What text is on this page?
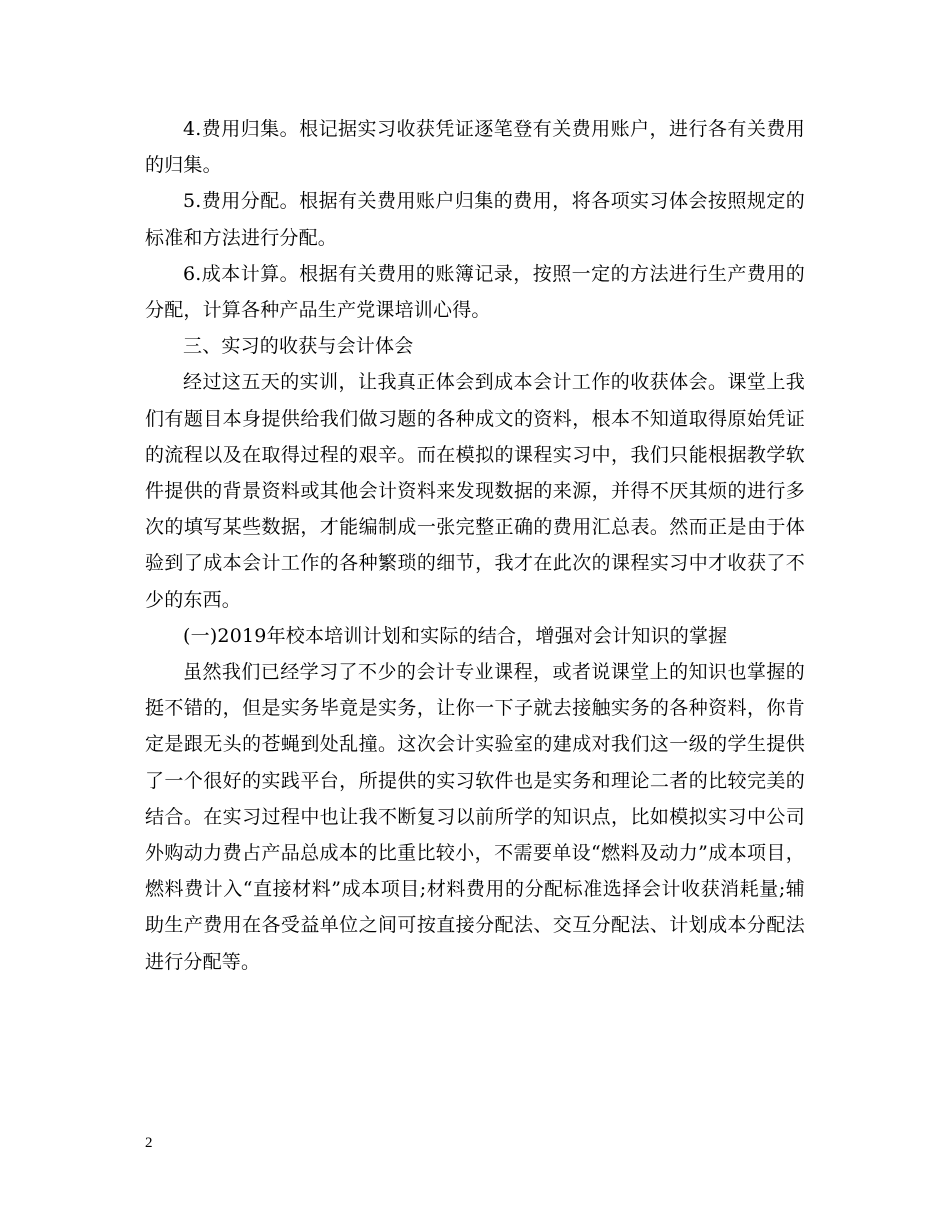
4.费用归集。根记据实习收获凭证逐笔登有关费用账户，进行各有关费用的归集。

5.费用分配。根据有关费用账户归集的费用，将各项实习体会按照规定的标准和方法进行分配。

6.成本计算。根据有关费用的账簿记录，按照一定的方法进行生产费用的分配，计算各种产品生产党课培训心得。

三、实习的收获与会计体会

经过这五天的实训，让我真正体会到成本会计工作的收获体会。课堂上我们有题目本身提供给我们做习题的各种成文的资料，根本不知道取得原始凭证的流程以及在取得过程的艰辛。而在模拟的课程实习中，我们只能根据教学软件提供的背景资料或其他会计资料来发现数据的来源，并得不厌其烦的进行多次的填写某些数据，才能编制成一张完整正确的费用汇总表。然而正是由于体验到了成本会计工作的各种繁琐的细节，我才在此次的课程实习中才收获了不少的东西。

(一)2019年校本培训计划和实际的结合，增强对会计知识的掌握

虽然我们已经学习了不少的会计专业课程，或者说课堂上的知识也掌握的挺不错的，但是实务毕竟是实务，让你一下子就去接触实务的各种资料，你肯定是跟无头的苍蝇到处乱撞。这次会计实验室的建成对我们这一级的学生提供了一个很好的实践平台，所提供的实习软件也是实务和理论二者的比较完美的结合。在实习过程中也让我不断复习以前所学的知识点，比如模拟实习中公司外购动力费占产品总成本的比重比较小，不需要单设“燃料及动力”成本项目，燃料费计入“直接材料”成本项目;材料费用的分配标准选择会计收获消耗量;辅助生产费用在各受益单位之间可按直接分配法、交互分配法、计划成本分配法进行分配等。

2
